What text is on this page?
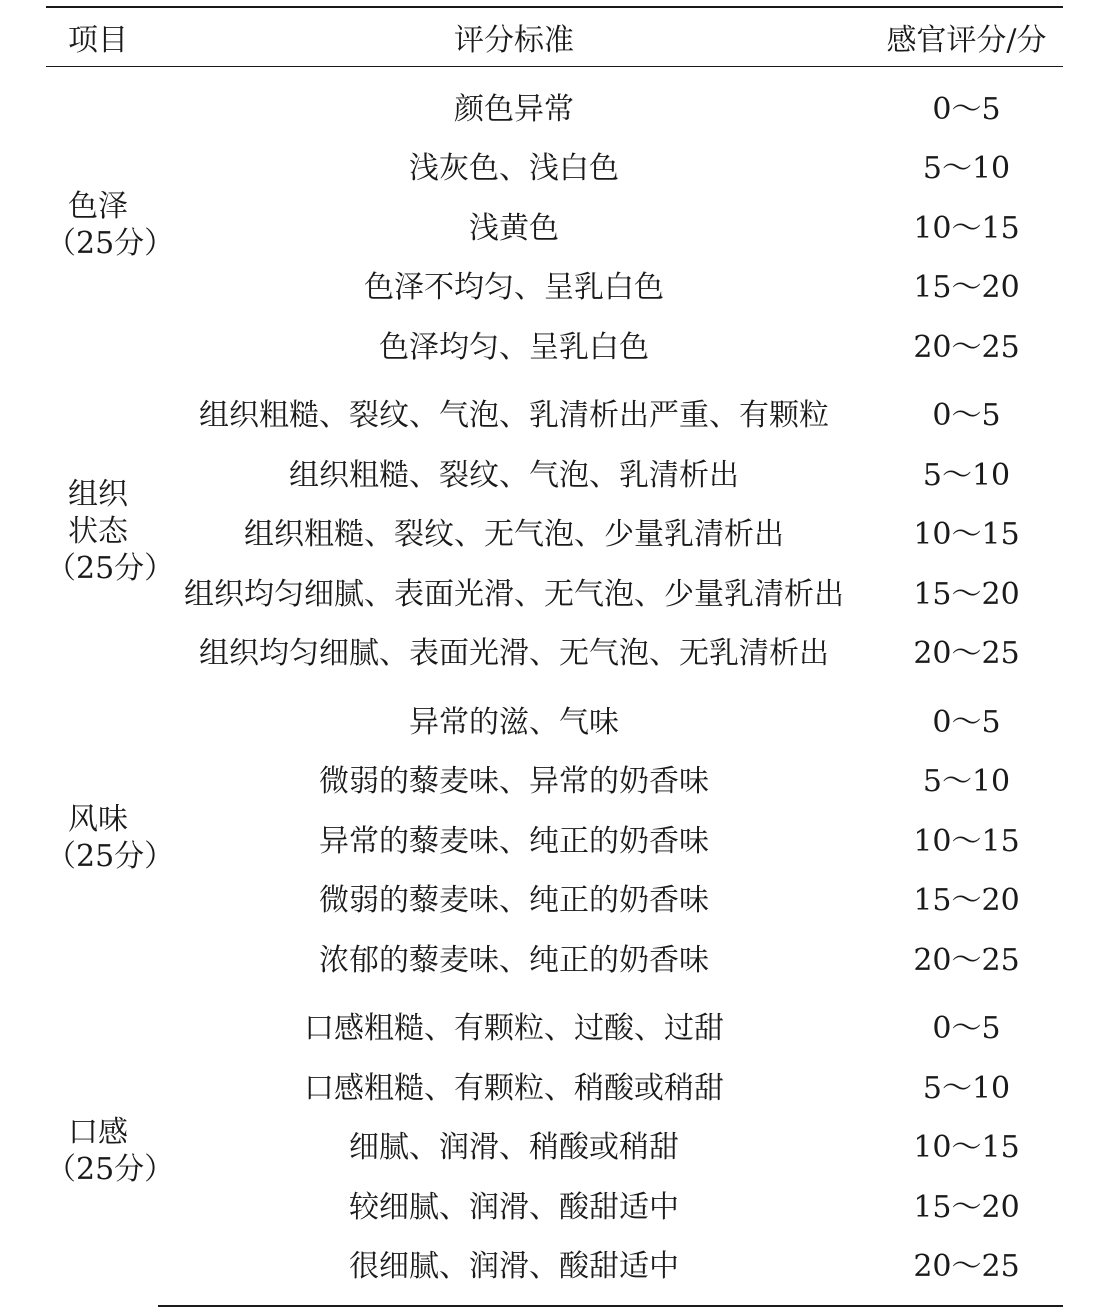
项目	评分标准	感官评分/分

色泽
（25分）	颜色异常	0～5
	浅灰色、浅白色	5～10
	浅黄色	10～15
	色泽不均匀、呈乳白色	15～20
	色泽均匀、呈乳白色	20～25

组织
状态
（25分）	组织粗糙、裂纹、气泡、乳清析出严重、有颗粒	0～5
	组织粗糙、裂纹、气泡、乳清析出	5～10
	组织粗糙、裂纹、无气泡、少量乳清析出	10～15
	组织均匀细腻、表面光滑、无气泡、少量乳清析出	15～20
	组织均匀细腻、表面光滑、无气泡、无乳清析出	20～25

风味
（25分）	异常的滋、气味	0～5
	微弱的藜麦味、异常的奶香味	5～10
	异常的藜麦味、纯正的奶香味	10～15
	微弱的藜麦味、纯正的奶香味	15～20
	浓郁的藜麦味、纯正的奶香味	20～25

口感
（25分）	口感粗糙、有颗粒、过酸、过甜	0～5
	口感粗糙、有颗粒、稍酸或稍甜	5～10
	细腻、润滑、稍酸或稍甜	10～15
	较细腻、润滑、酸甜适中	15～20
	很细腻、润滑、酸甜适中	20～25
